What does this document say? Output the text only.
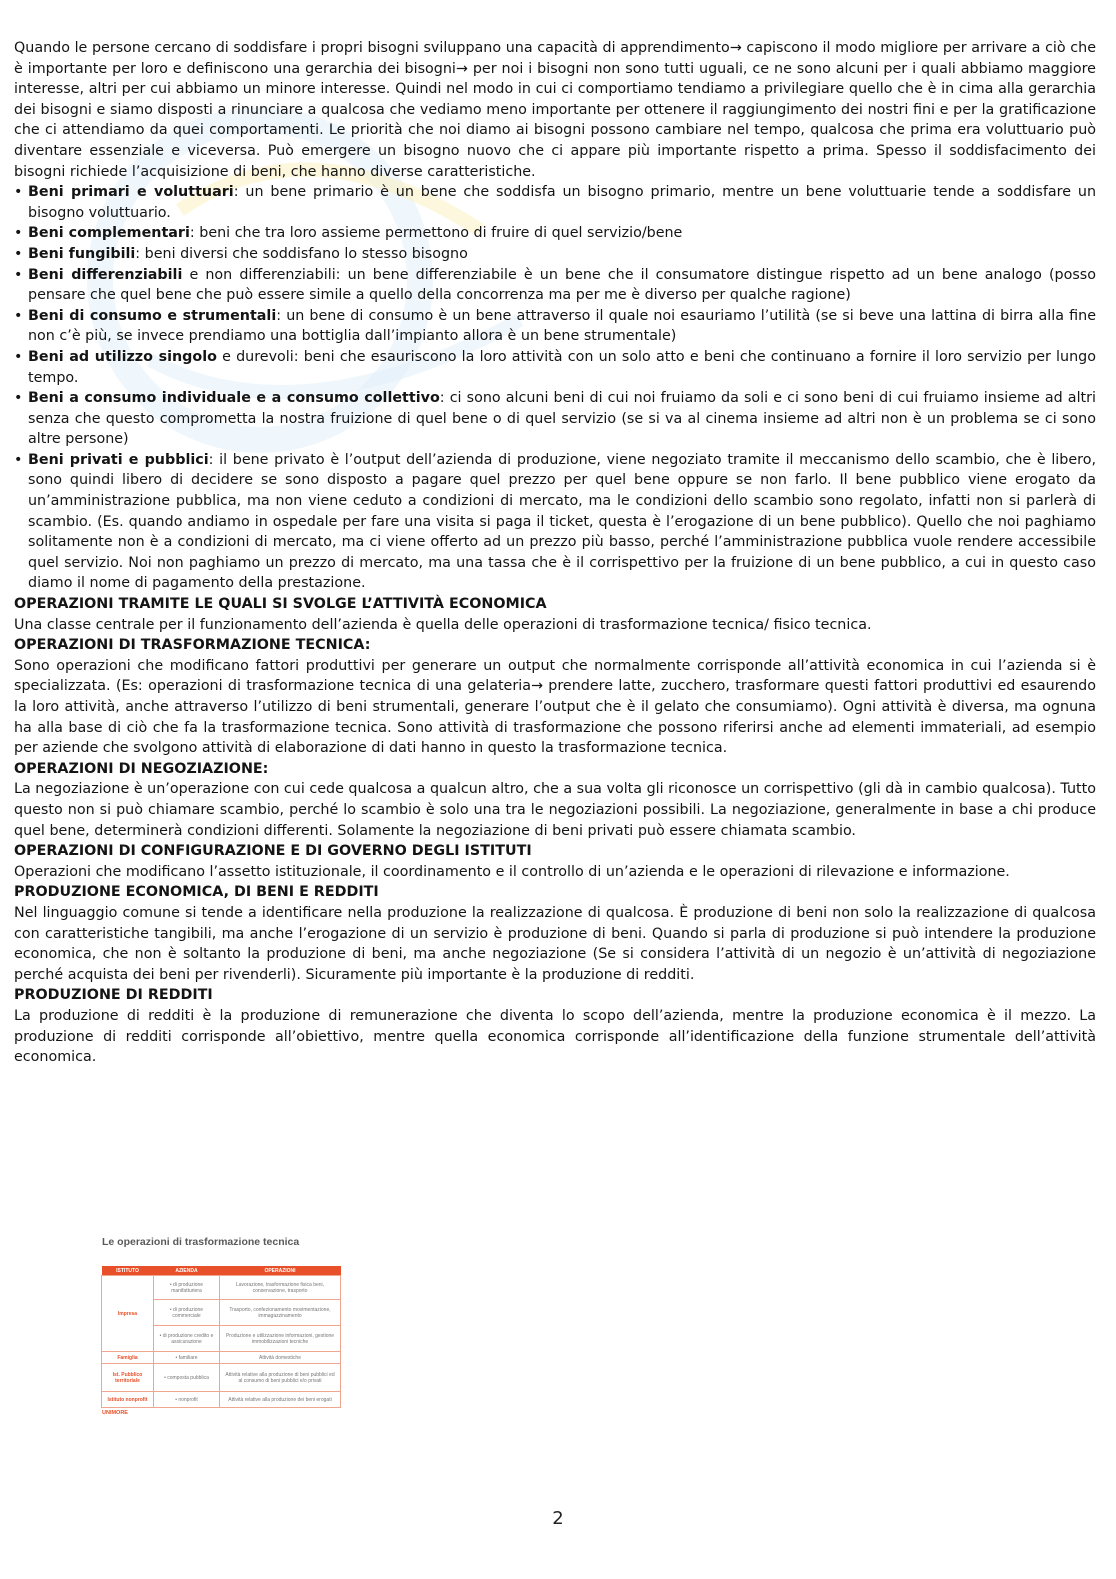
Quando le persone cercano di soddisfare i propri bisogni sviluppano una capacità di apprendimento→ capiscono il modo migliore per arrivare a ciò che è importante per loro e definiscono una gerarchia dei bisogni→ per noi i bisogni non sono tutti uguali, ce ne sono alcuni per i quali abbiamo maggiore interesse, altri per cui abbiamo un minore interesse. Quindi nel modo in cui ci comportiamo tendiamo a privilegiare quello che è in cima alla gerarchia dei bisogni e siamo disposti a rinunciare a qualcosa che vediamo meno importante per ottenere il raggiungimento dei nostri fini e per la gratificazione che ci attendiamo da quei comportamenti. Le priorità che noi diamo ai bisogni possono cambiare nel tempo, qualcosa che prima era voluttuario può diventare essenziale e viceversa. Può emergere un bisogno nuovo che ci appare più importante rispetto a prima. Spesso il soddisfacimento dei bisogni richiede l’acquisizione di beni, che hanno diverse caratteristiche.

• Beni primari e voluttuari: un bene primario è un bene che soddisfa un bisogno primario, mentre un bene voluttuarie tende a soddisfare un bisogno voluttuario.
• Beni complementari: beni che tra loro assieme permettono di fruire di quel servizio/bene
• Beni fungibili: beni diversi che soddisfano lo stesso bisogno
• Beni differenziabili e non differenziabili: un bene differenziabile è un bene che il consumatore distingue rispetto ad un bene analogo (posso pensare che quel bene che può essere simile a quello della concorrenza ma per me è diverso per qualche ragione)
• Beni di consumo e strumentali: un bene di consumo è un bene attraverso il quale noi esauriamo l’utilità (se si beve una lattina di birra alla fine non c’è più, se invece prendiamo una bottiglia dall’impianto allora è un bene strumentale)
• Beni ad utilizzo singolo e durevoli: beni che esauriscono la loro attività con un solo atto e beni che continuano a fornire il loro servizio per lungo tempo.
• Beni a consumo individuale e a consumo collettivo: ci sono alcuni beni di cui noi fruiamo da soli e ci sono beni di cui fruiamo insieme ad altri senza che questo comprometta la nostra fruizione di quel bene o di quel servizio (se si va al cinema insieme ad altri non è un problema se ci sono altre persone)
• Beni privati e pubblici: il bene privato è l’output dell’azienda di produzione, viene negoziato tramite il meccanismo dello scambio, che è libero, sono quindi libero di decidere se sono disposto a pagare quel prezzo per quel bene oppure se non farlo. Il bene pubblico viene erogato da un’amministrazione pubblica, ma non viene ceduto a condizioni di mercato, ma le condizioni dello scambio sono regolato, infatti non si parlerà di scambio. (Es. quando andiamo in ospedale per fare una visita si paga il ticket, questa è l’erogazione di un bene pubblico). Quello che noi paghiamo solitamente non è a condizioni di mercato, ma ci viene offerto ad un prezzo più basso, perché l’amministrazione pubblica vuole rendere accessibile quel servizio. Noi non paghiamo un prezzo di mercato, ma una tassa che è il corrispettivo per la fruizione di un bene pubblico, a cui in questo caso diamo il nome di pagamento della prestazione.

OPERAZIONI TRAMITE LE QUALI SI SVOLGE L’ATTIVITÀ ECONOMICA

Una classe centrale per il funzionamento dell’azienda è quella delle operazioni di trasformazione tecnica/ fisico tecnica.

OPERAZIONI DI TRASFORMAZIONE TECNICA:

Sono operazioni che modificano fattori produttivi per generare un output che normalmente corrisponde all’attività economica in cui l’azienda si è specializzata. (Es: operazioni di trasformazione tecnica di una gelateria→ prendere latte, zucchero, trasformare questi fattori produttivi ed esaurendo la loro attività, anche attraverso l’utilizzo di beni strumentali, generare l’output che è il gelato che consumiamo). Ogni attività è diversa, ma ognuna ha alla base di ciò che fa la trasformazione tecnica. Sono attività di trasformazione che possono riferirsi anche ad elementi immateriali, ad esempio per aziende che svolgono attività di elaborazione di dati hanno in questo la trasformazione tecnica.

OPERAZIONI DI NEGOZIAZIONE:

La negoziazione è un’operazione con cui cede qualcosa a qualcun altro, che a sua volta gli riconosce un corrispettivo (gli dà in cambio qualcosa). Tutto questo non si può chiamare scambio, perché lo scambio è solo una tra le negoziazioni possibili. La negoziazione, generalmente in base a chi produce quel bene, determinerà condizioni differenti. Solamente la negoziazione di beni privati può essere chiamata scambio.

OPERAZIONI DI CONFIGURAZIONE E DI GOVERNO DEGLI ISTITUTI

Operazioni che modificano l’assetto istituzionale, il coordinamento e il controllo di un’azienda e le operazioni di rilevazione e informazione.

PRODUZIONE ECONOMICA, DI BENI E REDDITI

Nel linguaggio comune si tende a identificare nella produzione la realizzazione di qualcosa. È produzione di beni non solo la realizzazione di qualcosa con caratteristiche tangibili, ma anche l’erogazione di un servizio è produzione di beni. Quando si parla di produzione si può intendere la produzione economica, che non è soltanto la produzione di beni, ma anche negoziazione (Se si considera l’attività di un negozio è un’attività di negoziazione perché acquista dei beni per rivenderli). Sicuramente più importante è la produzione di redditi.

PRODUZIONE DI REDDITI

La produzione di redditi è la produzione di remunerazione che diventa lo scopo dell’azienda, mentre la produzione economica è il mezzo. La produzione di redditi corrisponde all’obiettivo, mentre quella economica corrisponde all’identificazione della funzione strumentale dell’attività economica.

Le operazioni di trasformazione tecnica
ISTITUTO	AZIENDA	OPERAZIONI
Impresa	• di produzione manifatturiera	Lavorazione, trasformazione fisica beni, conservazione, trasporto
	• di produzione commerciale	Trasporto, confezionamento movimentazione, immagazzinamento
	• di produzione credito e assicurazione	Produzione e utilizzazione informazioni, gestione immobilizzazioni tecniche
Famiglia	• familiare	Attività domestiche
Ist. Pubblico territoriale	• composta pubblica	Attività relative alla produzione di beni pubblici ed al consumo di beni pubblici e/o privati
Istituto nonprofit	• nonprofit	Attività relative alla produzione dei beni erogati
UNIMORE
2
